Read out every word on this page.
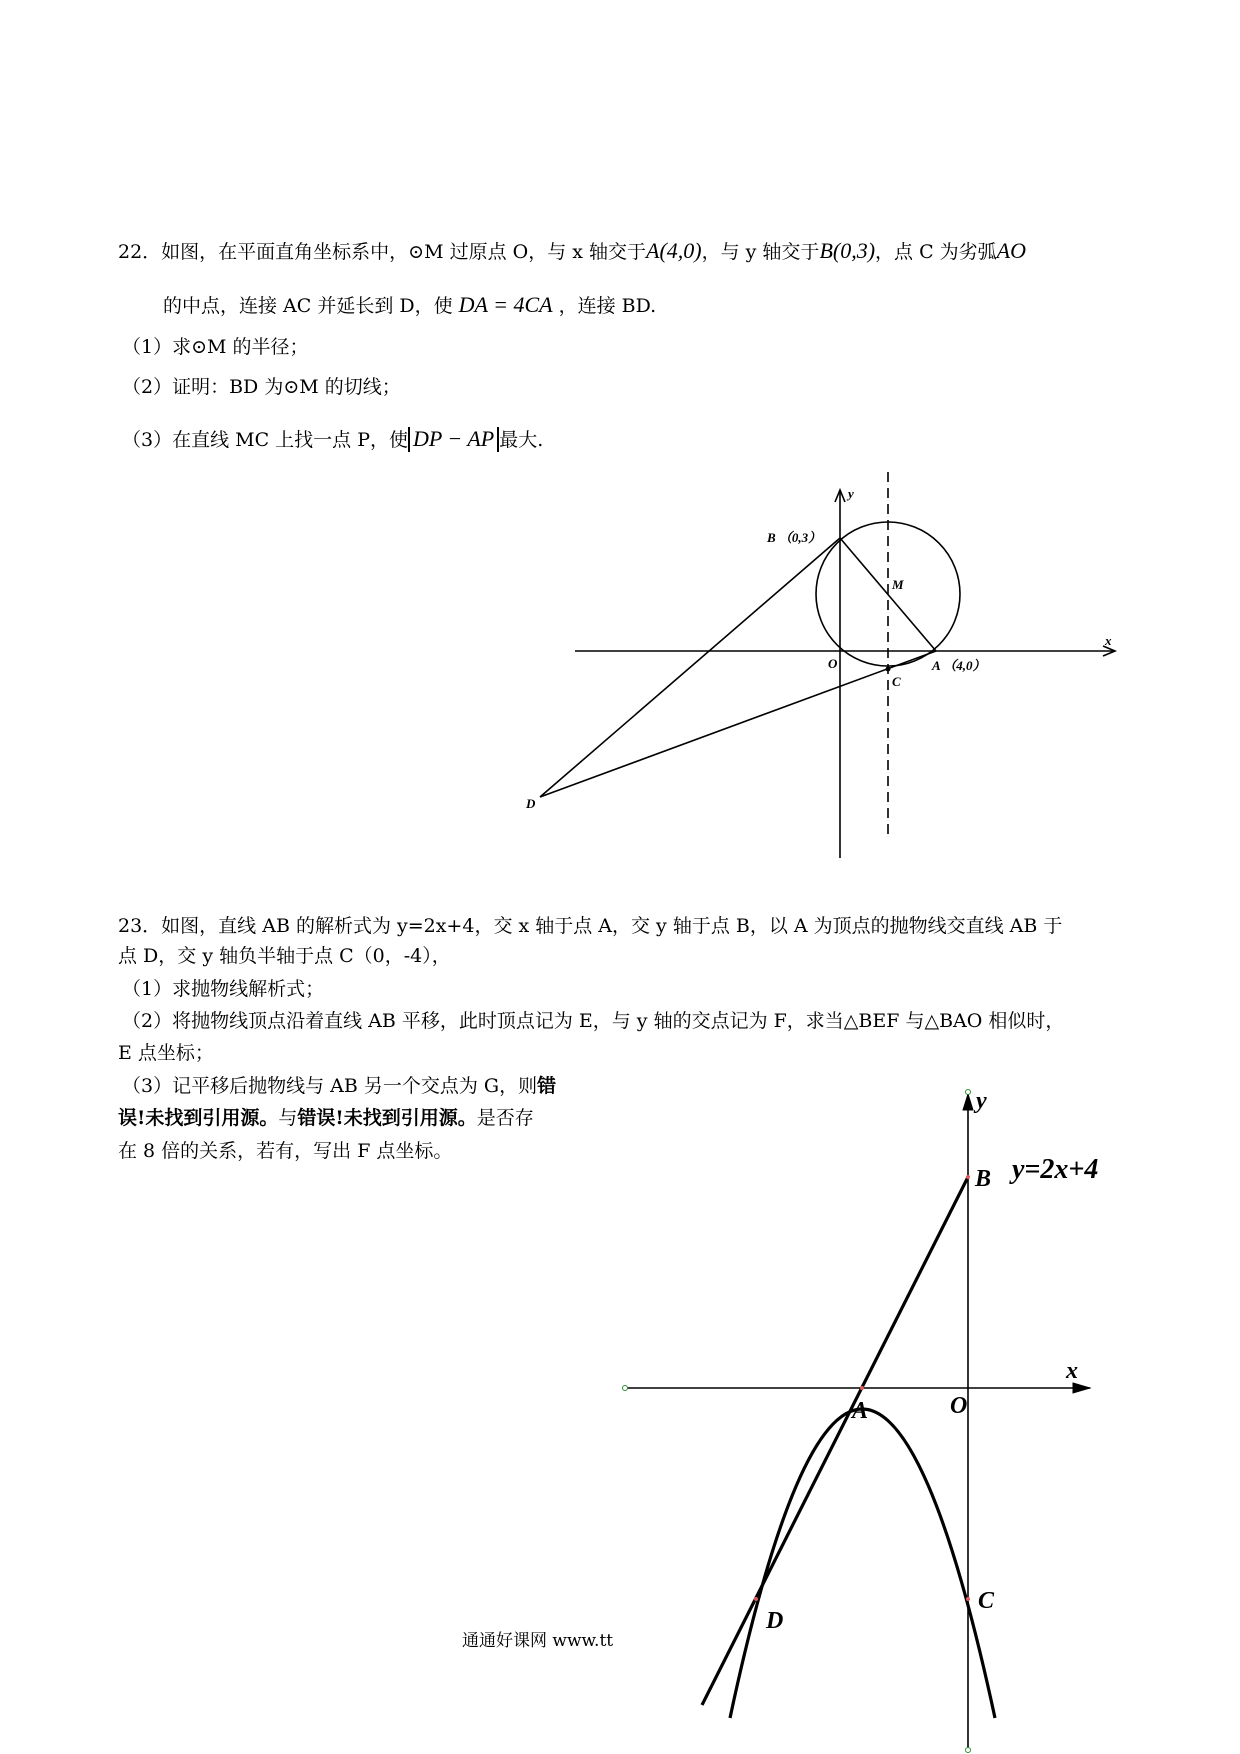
22．如图，在平面直角坐标系中，⊙M 过原点 O，与 x 轴交于A(4,0)，与 y 轴交于B(0,3)，点 C 为劣弧AO
的中点，连接 AC 并延长到 D，使 DA = 4CA ，连接 BD.
（1）求⊙M 的半径；
（2）证明：BD 为⊙M 的切线；
（3）在直线 MC 上找一点 P，使 DP − AP 最大.
y
x
B （0,3）
M
O	A （4,0）
C
D
23．如图，直线 AB 的解析式为 y=2x+4，交 x 轴于点 A，交 y 轴于点 B，以 A 为顶点的抛物线交直线 AB 于
点 D，交 y 轴负半轴于点 C（0，-4），
（1）求抛物线解析式；
（2）将抛物线顶点沿着直线 AB 平移，此时顶点记为 E，与 y 轴的交点记为 F，求当△BEF 与△BAO 相似时，
E 点坐标；
（3）记平移后抛物线与 AB 另一个交点为 G，则错
误!未找到引用源。与错误!未找到引用源。是否存
在 8 倍的关系，若有，写出 F 点坐标。
y
x
B y=2x+4
A	O
D
C
通通好课网 www.tt
